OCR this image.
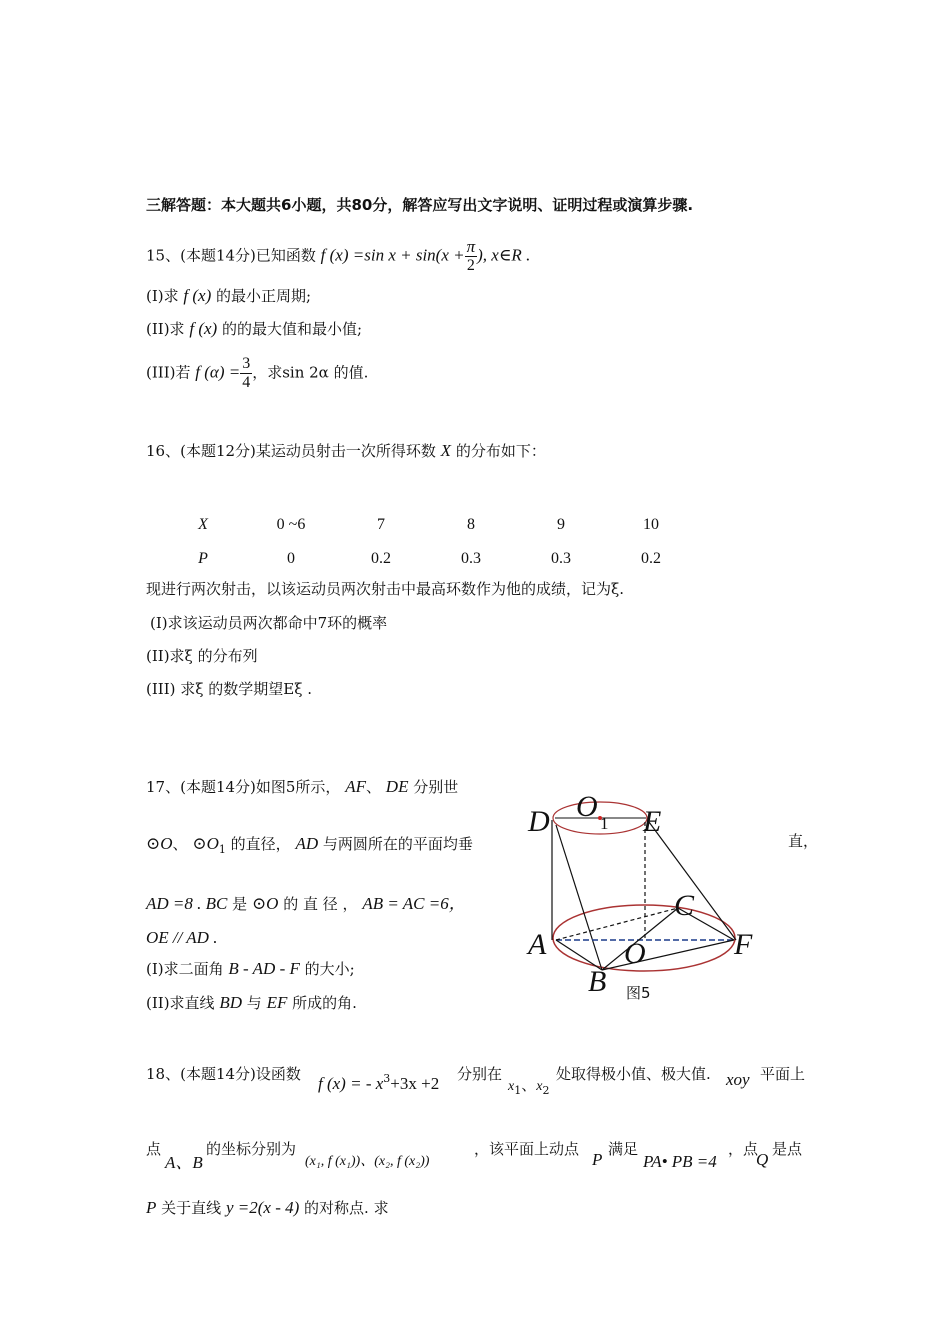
三解答题：本大题共6小题，共80分，解答应写出文字说明、证明过程或演算步骤.
15、(本题14分)已知函数 f (x) =sin $x + \sin(x + \frac{\pi}{2}$ ), x∈R .
(I)求 f (x) 的最小正周期;
(II)求 f (x) 的的最大值和最小值;
(III)若 f $(\alpha) = \frac{3}{4}$ ，求sin 2α 的值.
16、(本题12分)某运动员射击一次所得环数 X 的分布如下：
X	0 ~6	7	8	9	10
P	0	0.2	0.3	0.3	0.2
现进行两次射击，以该运动员两次射击中最高环数作为他的成绩，记为ξ.
(I)求该运动员两次都命中7环的概率
(II)求ξ 的分布列
(III) 求ξ 的数学期望Eξ .
17、(本题14分)如图5所示， AF、 DE 分别世
⊙O、 $⊙O_1$ 的直径， AD 与两圆所在的平面均垂	直，
AD =8 . BC 是 ⊙O 的 直 径 ， AB = AC =6，
OE // AD .
(I)求二面角 B - AD - F 的大小;
(II)求直线 BD 与 EF 所成的角.
D O
1 E
C
A	F
O
B 图5
18、(本题14分)设函数 f (x) = - $x^3+3x +2$ 分别在
$x_1$、$x_2$
处取得极小值、极大值. xoy 平面上
点
A、B
的坐标分别为
(x₁, f (x₁))、(x₂, f (x₂))
，该平面上动点
P
满足
PA• PB =4
，点
Q
是点
P 关于直线 y =2(x - 4) 的对称点. 求
